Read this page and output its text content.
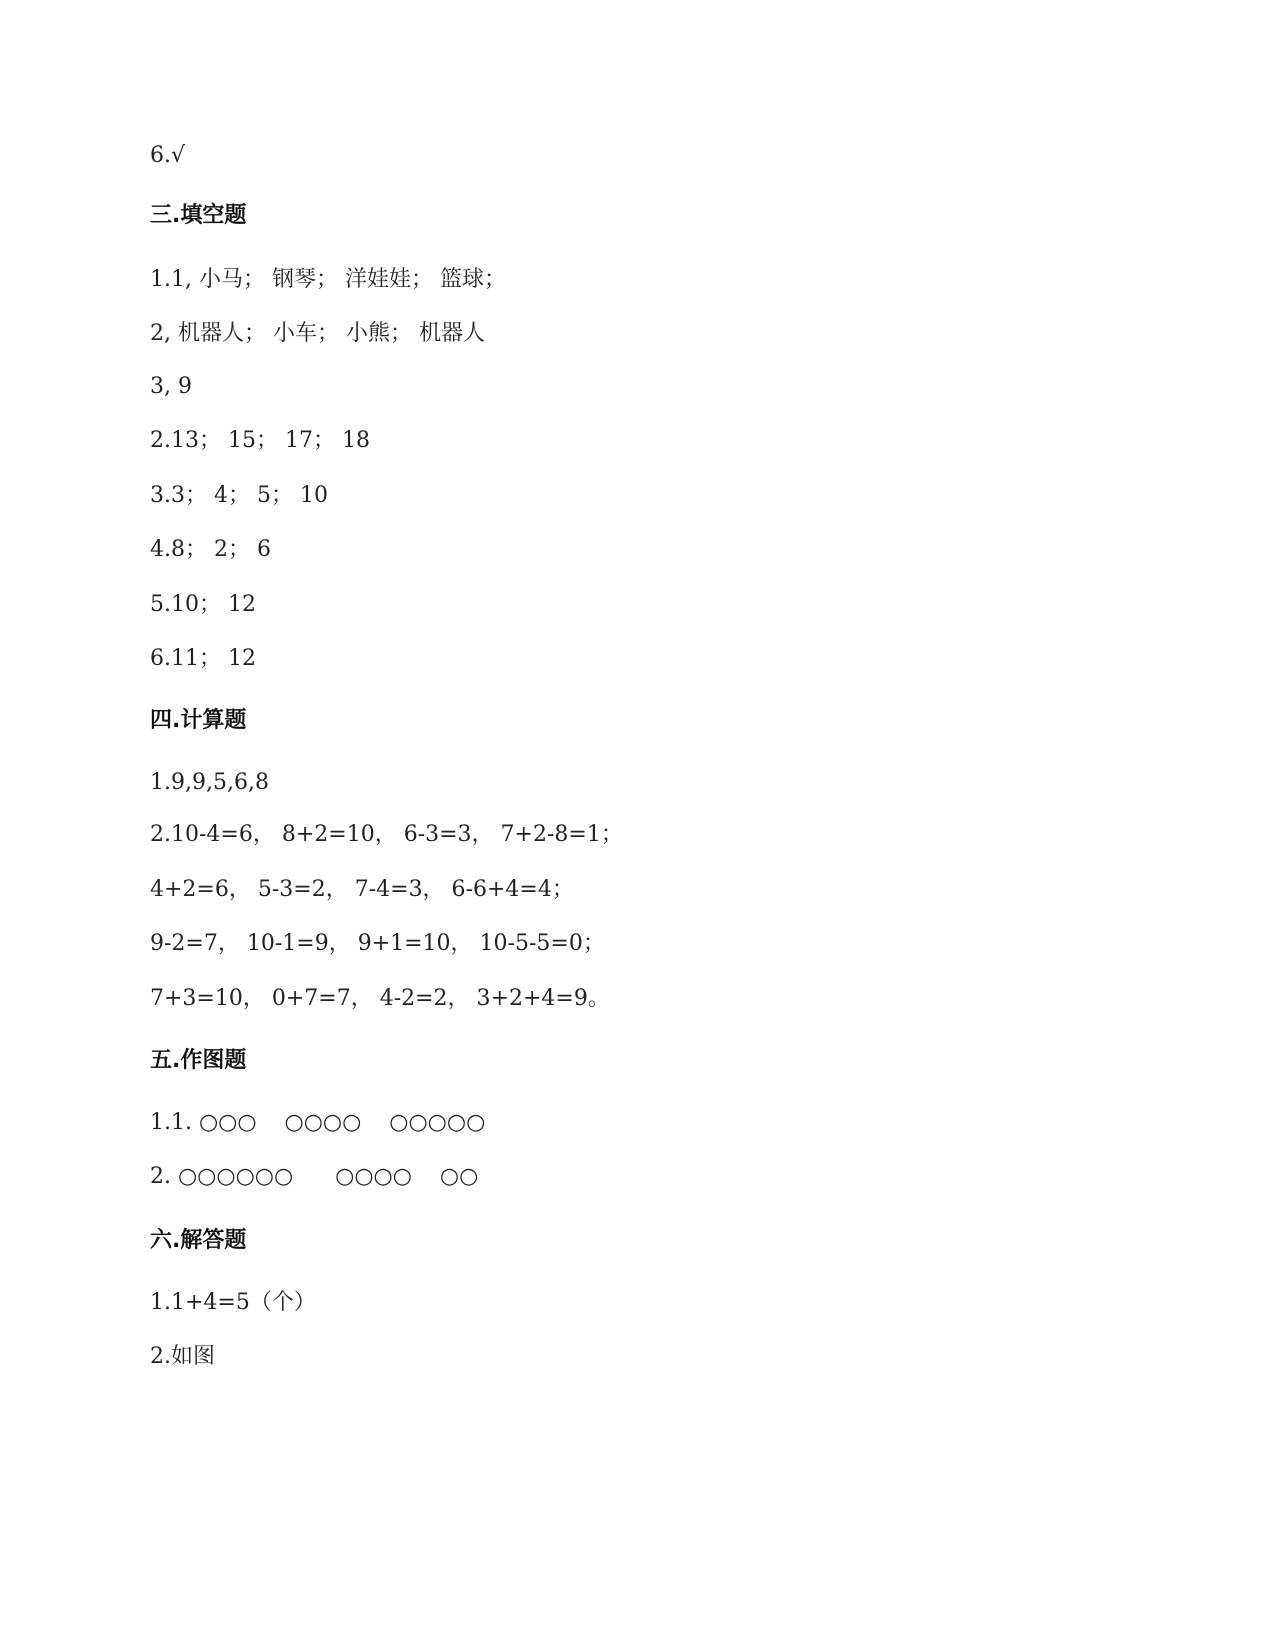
6.√
三.填空题
1.1, 小马； 钢琴； 洋娃娃； 篮球；
2, 机器人； 小车； 小熊； 机器人
3, 9
2.13； 15； 17； 18
3.3； 4； 5； 10
4.8； 2； 6
5.10； 12
6.11； 12
四.计算题
1.9,9,5,6,8
2.10-4=6， 8+2=10， 6-3=3， 7+2-8=1；
4+2=6， 5-3=2， 7-4=3， 6-6+4=4；
9-2=7， 10-1=9， 9+1=10， 10-5-5=0；
7+3=10， 0+7=7， 4-2=2， 3+2+4=9。
五.作图题
1.1. ○○○    ○○○○    ○○○○○
2. ○○○○○○      ○○○○    ○○
六.解答题
1.1+4=5（个）
2.如图
